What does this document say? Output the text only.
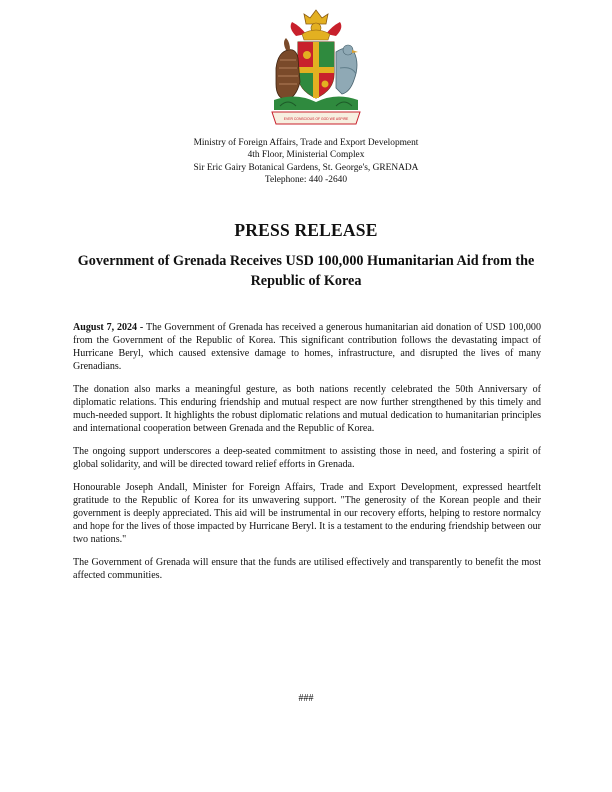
EVER CONSCIOUS OF GOD WE ASPIRE
Ministry of Foreign Affairs, Trade and Export Development
4th Floor, Ministerial Complex
Sir Eric Gairy Botanical Gardens, St. George's, GRENADA
Telephone: 440 -2640
PRESS RELEASE
Government of Grenada Receives USD 100,000 Humanitarian Aid from the Republic of Korea

August 7, 2024 - The Government of Grenada has received a generous humanitarian aid donation of USD 100,000 from the Government of the Republic of Korea. This significant contribution follows the devastating impact of Hurricane Beryl, which caused extensive damage to homes, infrastructure, and disrupted the lives of many Grenadians.

The donation also marks a meaningful gesture, as both nations recently celebrated the 50th Anniversary of diplomatic relations. This enduring friendship and mutual respect are now further strengthened by this timely and much-needed support. It highlights the robust diplomatic relations and mutual dedication to humanitarian principles and international cooperation between Grenada and the Republic of Korea.

The ongoing support underscores a deep-seated commitment to assisting those in need, and fostering a spirit of global solidarity, and will be directed toward relief efforts in Grenada.

Honourable Joseph Andall, Minister for Foreign Affairs, Trade and Export Development, expressed heartfelt gratitude to the Republic of Korea for its unwavering support. "The generosity of the Korean people and their government is deeply appreciated. This aid will be instrumental in our recovery efforts, helping to restore normalcy and hope for the lives of those impacted by Hurricane Beryl. It is a testament to the enduring friendship between our two nations."

The Government of Grenada will ensure that the funds are utilised effectively and transparently to benefit the most affected communities.

###
